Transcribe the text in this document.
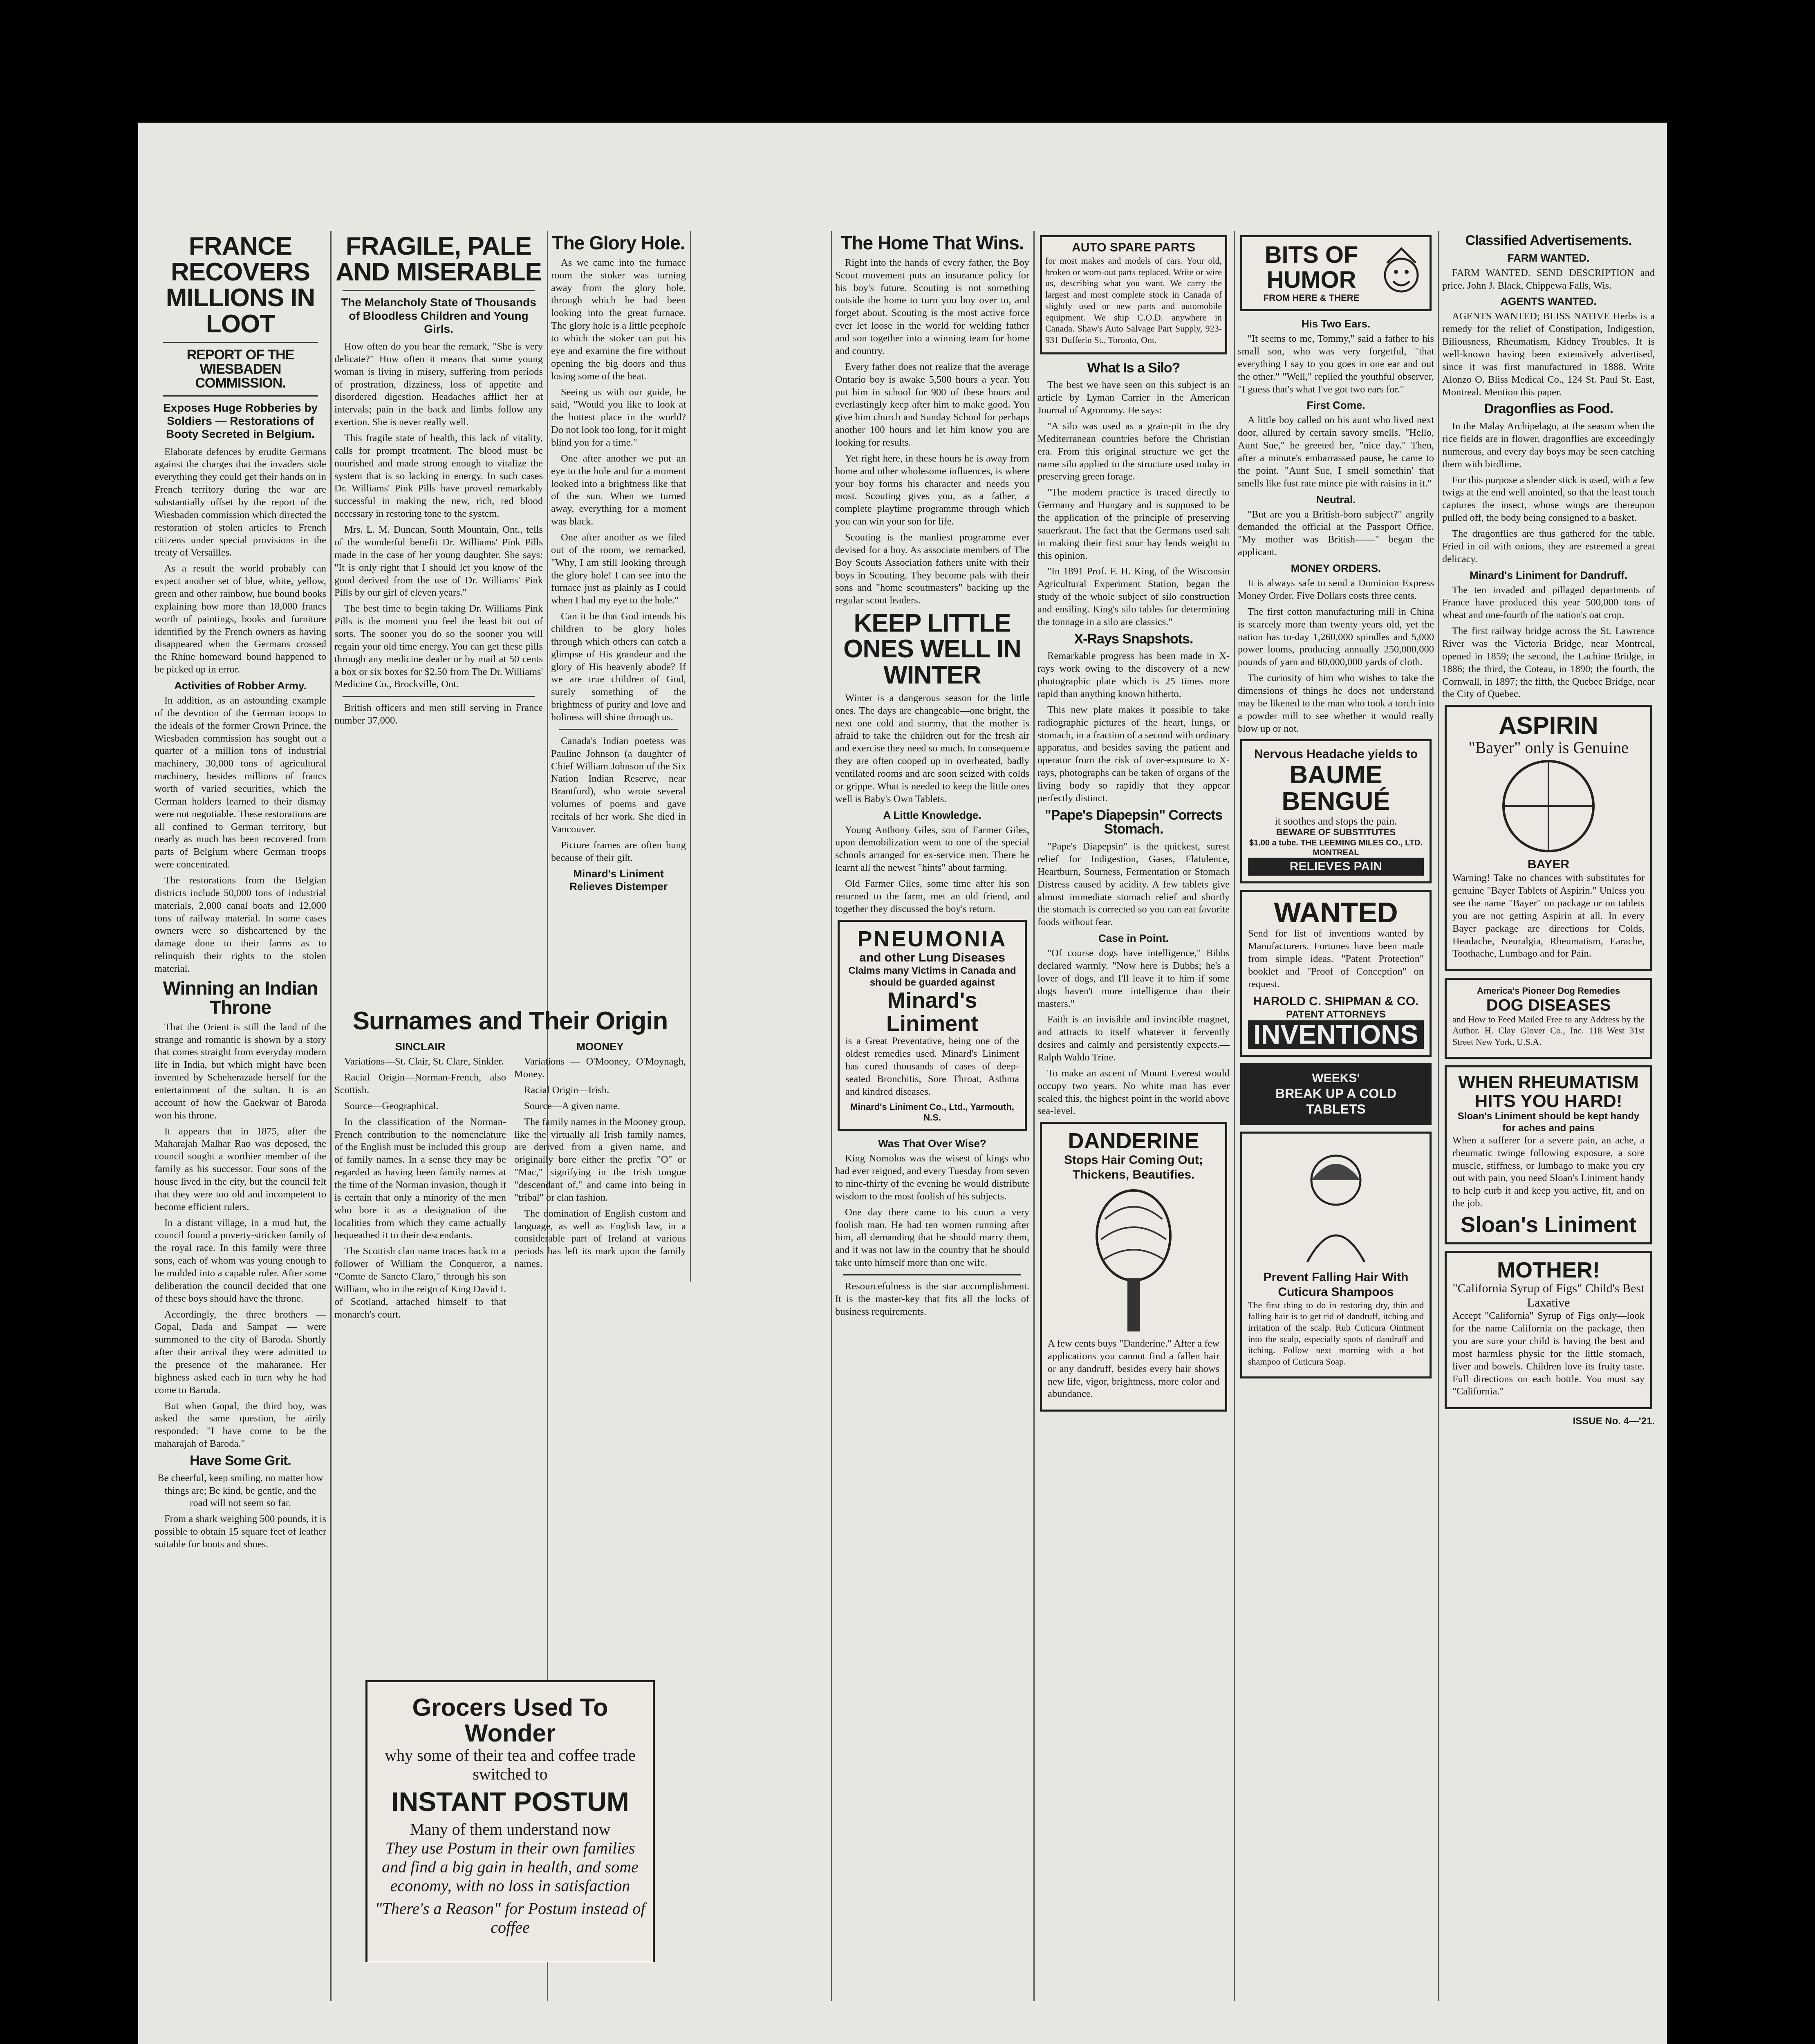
FRANCE RECOVERS MILLIONS IN LOOT
REPORT OF THE WIESBADEN COMMISSION.
Exposes Huge Robberies by Soldiers — Restorations of Booty Secreted in Belgium.

Elaborate defences by erudite Germans against the charges that the invaders stole everything they could get their hands on in French territory during the war are substantially offset by the report of the Wiesbaden commission which directed the restoration of stolen articles to French citizens under special provisions in the treaty of Versailles.

As a result the world probably can expect another set of blue, white, yellow, green and other rainbow, hue bound books explaining how more than 18,000 francs worth of paintings, books and furniture identified by the French owners as having disappeared when the Germans crossed the Rhine homeward bound happened to be picked up in error.

Activities of Robber Army.

In addition, as an astounding example of the devotion of the German troops to the ideals of the former Crown Prince, the Wiesbaden commission has sought out a quarter of a million tons of industrial machinery, 30,000 tons of agricultural machinery, besides millions of francs worth of varied securities, which the German holders learned to their dismay were not negotiable. These restorations are all confined to German territory, but nearly as much has been recovered from parts of Belgium where German troops were concentrated.

The restorations from the Belgian districts include 50,000 tons of industrial materials, 2,000 canal boats and 12,000 tons of railway material. In some cases owners were so disheartened by the damage done to their farms as to relinquish their rights to the stolen material.

Winning an Indian Throne

That the Orient is still the land of the strange and romantic is shown by a story that comes straight from everyday modern life in India, but which might have been invented by Scheherazade herself for the entertainment of the sultan. It is an account of how the Gaekwar of Baroda won his throne.

It appears that in 1875, after the Maharajah Malhar Rao was deposed, the council sought a worthier member of the family as his successor. Four sons of the house lived in the city, but the council felt that they were too old and incompetent to become efficient rulers.

In a distant village, in a mud hut, the council found a poverty-stricken family of the royal race. In this family were three sons, each of whom was young enough to be molded into a capable ruler. After some deliberation the council decided that one of these boys should have the throne.

Accordingly, the three brothers — Gopal, Dada and Sampat — were summoned to the city of Baroda. Shortly after their arrival they were admitted to the presence of the maharanee. Her highness asked each in turn why he had come to Baroda.

But when Gopal, the third boy, was asked the same question, he airily responded: "I have come to be the maharajah of Baroda."

Have Some Grit.

Be cheerful, keep smiling, no matter how things are; Be kind, be gentle, and the road will not seem so far.

From a shark weighing 500 pounds, it is possible to obtain 15 square feet of leather suitable for boots and shoes.

FRAGILE, PALE AND MISERABLE
The Melancholy State of Thousands of Bloodless Children and Young Girls.

How often do you hear the remark, "She is very delicate?" How often it means that some young woman is living in misery, suffering from periods of prostration, dizziness, loss of appetite and disordered digestion. Headaches afflict her at intervals; pain in the back and limbs follow any exertion. She is never really well.

This fragile state of health, this lack of vitality, calls for prompt treatment. The blood must be nourished and made strong enough to vitalize the system that is so lacking in energy. In such cases Dr. Williams' Pink Pills have proved remarkably successful in making the new, rich, red blood necessary in restoring tone to the system.

Mrs. L. M. Duncan, South Mountain, Ont., tells of the wonderful benefit Dr. Williams' Pink Pills made in the case of her young daughter. She says: "It is only right that I should let you know of the good derived from the use of Dr. Williams' Pink Pills by our girl of eleven years."

The best time to begin taking Dr. Williams Pink Pills is the moment you feel the least bit out of sorts. The sooner you do so the sooner you will regain your old time energy. You can get these pills through any medicine dealer or by mail at 50 cents a box or six boxes for $2.50 from The Dr. Williams' Medicine Co., Brockville, Ont.

British officers and men still serving in France number 37,000.

The Glory Hole.

As we came into the furnace room the stoker was turning away from the glory hole, through which he had been looking into the great furnace. The glory hole is a little peephole to which the stoker can put his eye and examine the fire without opening the big doors and thus losing some of the heat.

Seeing us with our guide, he said, "Would you like to look at the hottest place in the world? Do not look too long, for it might blind you for a time."

One after another we put an eye to the hole and for a moment looked into a brightness like that of the sun. When we turned away, everything for a moment was black.

One after another as we filed out of the room, we remarked, "Why, I am still looking through the glory hole! I can see into the furnace just as plainly as I could when I had my eye to the hole."

Can it be that God intends his children to be glory holes through which others can catch a glimpse of His grandeur and the glory of His heavenly abode? If we are true children of God, surely something of the brightness of purity and love and holiness will shine through us.

Canada's Indian poetess was Pauline Johnson (a daughter of Chief William Johnson of the Six Nation Indian Reserve, near Brantford), who wrote several volumes of poems and gave recitals of her work. She died in Vancouver.

Picture frames are often hung because of their gilt.

Minard's Liniment Relieves Distemper
Surnames and Their Origin
SINCLAIR

Variations—St. Clair, St. Clare, Sinkler.

Racial Origin—Norman-French, also Scottish.

Source—Geographical.

In the classification of the Norman-French contribution to the nomenclature of the English must be included this group of family names. In a sense they may be regarded as having been family names at the time of the Norman invasion, though it is certain that only a minority of the men who bore it as a designation of the localities from which they came actually bequeathed it to their descendants.

The Scottish clan name traces back to a follower of William the Conqueror, a "Comte de Sancto Claro," through his son William, who in the reign of King David I. of Scotland, attached himself to that monarch's court.

MOONEY

Variations — O'Mooney, O'Moynagh, Money.

Racial Origin—Irish.

Source—A given name.

The family names in the Mooney group, like the virtually all Irish family names, are derived from a given name, and originally bore either the prefix "O" or "Mac," signifying in the Irish tongue "descendant of," and came into being in "tribal" or clan fashion.

The domination of English custom and language, as well as English law, in a considerable part of Ireland at various periods has left its mark upon the family names.

Grocers Used To Wonder
why some of their tea and coffee trade switched to
INSTANT POSTUM
Many of them understand now
They use Postum in their own families and find a big gain in health, and some economy, with no loss in satisfaction
"There's a Reason" for Postum instead of coffee
The Home That Wins.

Right into the hands of every father, the Boy Scout movement puts an insurance policy for his boy's future. Scouting is not something outside the home to turn you boy over to, and forget about. Scouting is the most active force ever let loose in the world for welding father and son together into a winning team for home and country.

Every father does not realize that the average Ontario boy is awake 5,500 hours a year. You put him in school for 900 of these hours and everlastingly keep after him to make good. You give him church and Sunday School for perhaps another 100 hours and let him know you are looking for results.

Yet right here, in these hours he is away from home and other wholesome influences, is where your boy forms his character and needs you most. Scouting gives you, as a father, a complete playtime programme through which you can win your son for life.

Scouting is the manliest programme ever devised for a boy. As associate members of The Boy Scouts Association fathers unite with their boys in Scouting. They become pals with their sons and "home scoutmasters" backing up the regular scout leaders.

KEEP LITTLE ONES WELL IN WINTER

Winter is a dangerous season for the little ones. The days are changeable—one bright, the next one cold and stormy, that the mother is afraid to take the children out for the fresh air and exercise they need so much. In consequence they are often cooped up in overheated, badly ventilated rooms and are soon seized with colds or grippe. What is needed to keep the little ones well is Baby's Own Tablets.

A Little Knowledge.

Young Anthony Giles, son of Farmer Giles, upon demobilization went to one of the special schools arranged for ex-service men. There he learnt all the newest "hints" about farming.

Old Farmer Giles, some time after his son returned to the farm, met an old friend, and together they discussed the boy's return.

PNEUMONIA
and other Lung Diseases
Claims many Victims in Canada and should be guarded against
Minard's Liniment

is a Great Preventative, being one of the oldest remedies used. Minard's Liniment has cured thousands of cases of deep-seated Bronchitis, Sore Throat, Asthma and kindred diseases.

Minard's Liniment Co., Ltd., Yarmouth, N.S.
Was That Over Wise?

King Nomolos was the wisest of kings who had ever reigned, and every Tuesday from seven to nine-thirty of the evening he would distribute wisdom to the most foolish of his subjects.

One day there came to his court a very foolish man. He had ten women running after him, all demanding that he should marry them, and it was not law in the country that he should take unto himself more than one wife.

Resourcefulness is the star accomplishment. It is the master-key that fits all the locks of business requirements.

AUTO SPARE PARTS

for most makes and models of cars. Your old, broken or worn-out parts replaced. Write or wire us, describing what you want. We carry the largest and most complete stock in Canada of slightly used or new parts and automobile equipment. We ship C.O.D. anywhere in Canada. Shaw's Auto Salvage Part Supply, 923-931 Dufferin St., Toronto, Ont.

What Is a Silo?

The best we have seen on this subject is an article by Lyman Carrier in the American Journal of Agronomy. He says:

"A silo was used as a grain-pit in the dry Mediterranean countries before the Christian era. From this original structure we get the name silo applied to the structure used today in preserving green forage.

"The modern practice is traced directly to Germany and Hungary and is supposed to be the application of the principle of preserving sauerkraut. The fact that the Germans used salt in making their first sour hay lends weight to this opinion.

"In 1891 Prof. F. H. King, of the Wisconsin Agricultural Experiment Station, began the study of the whole subject of silo construction and ensiling. King's silo tables for determining the tonnage in a silo are classics."

X-Rays Snapshots.

Remarkable progress has been made in X-rays work owing to the discovery of a new photographic plate which is 25 times more rapid than anything known hitherto.

This new plate makes it possible to take radiographic pictures of the heart, lungs, or stomach, in a fraction of a second with ordinary apparatus, and besides saving the patient and operator from the risk of over-exposure to X-rays, photographs can be taken of organs of the living body so rapidly that they appear perfectly distinct.

"Pape's Diapepsin" Corrects Stomach.

"Pape's Diapepsin" is the quickest, surest relief for Indigestion, Gases, Flatulence, Heartburn, Sourness, Fermentation or Stomach Distress caused by acidity. A few tablets give almost immediate stomach relief and shortly the stomach is corrected so you can eat favorite foods without fear.

Case in Point.

"Of course dogs have intelligence," Bibbs declared warmly. "Now here is Dubbs; he's a lover of dogs, and I'll leave it to him if some dogs haven't more intelligence than their masters."

Faith is an invisible and invincible magnet, and attracts to itself whatever it fervently desires and calmly and persistently expects.—Ralph Waldo Trine.

To make an ascent of Mount Everest would occupy two years. No white man has ever scaled this, the highest point in the world above sea-level.

DANDERINE
Stops Hair Coming Out; Thickens, Beautifies.

A few cents buys "Danderine." After a few applications you cannot find a fallen hair or any dandruff, besides every hair shows new life, vigor, brightness, more color and abundance.

BITS OF HUMOR
FROM HERE & THERE
His Two Ears.

"It seems to me, Tommy," said a father to his small son, who was very forgetful, "that everything I say to you goes in one ear and out the other." "Well," replied the youthful observer, "I guess that's what I've got two ears for."

First Come.

A little boy called on his aunt who lived next door, allured by certain savory smells. "Hello, Aunt Sue," he greeted her, "nice day." Then, after a minute's embarrassed pause, he came to the point. "Aunt Sue, I smell somethin' that smells like fust rate mince pie with raisins in it."

Neutral.

"But are you a British-born subject?" angrily demanded the official at the Passport Office. "My mother was British——" began the applicant.

MONEY ORDERS.

It is always safe to send a Dominion Express Money Order. Five Dollars costs three cents.

The first cotton manufacturing mill in China is scarcely more than twenty years old, yet the nation has to-day 1,260,000 spindles and 5,000 power looms, producing annually 250,000,000 pounds of yarn and 60,000,000 yards of cloth.

The curiosity of him who wishes to take the dimensions of things he does not understand may be likened to the man who took a torch into a powder mill to see whether it would really blow up or not.

Nervous Headache yields to
BAUME BENGUÉ
it soothes and stops the pain.
BEWARE OF SUBSTITUTES
$1.00 a tube. THE LEEMING MILES CO., LTD. MONTREAL
RELIEVES PAIN
WANTED

Send for list of inventions wanted by Manufacturers. Fortunes have been made from simple ideas. "Patent Protection" booklet and "Proof of Conception" on request.

HAROLD C. SHIPMAN & CO.
PATENT ATTORNEYS
INVENTIONS
WEEKS'
BREAK UP A COLD TABLETS
Prevent Falling Hair With Cuticura Shampoos

The first thing to do in restoring dry, thin and falling hair is to get rid of dandruff, itching and irritation of the scalp. Rub Cuticura Ointment into the scalp, especially spots of dandruff and itching. Follow next morning with a hot shampoo of Cuticura Soap.

Classified Advertisements.
FARM WANTED.

FARM WANTED. SEND DESCRIPTION and price. John J. Black, Chippewa Falls, Wis.

AGENTS WANTED.

AGENTS WANTED; BLISS NATIVE Herbs is a remedy for the relief of Constipation, Indigestion, Biliousness, Rheumatism, Kidney Troubles. It is well-known having been extensively advertised, since it was first manufactured in 1888. Write Alonzo O. Bliss Medical Co., 124 St. Paul St. East, Montreal. Mention this paper.

Dragonflies as Food.

In the Malay Archipelago, at the season when the rice fields are in flower, dragonflies are exceedingly numerous, and every day boys may be seen catching them with birdlime.

For this purpose a slender stick is used, with a few twigs at the end well anointed, so that the least touch captures the insect, whose wings are thereupon pulled off, the body being consigned to a basket.

The dragonflies are thus gathered for the table. Fried in oil with onions, they are esteemed a great delicacy.

Minard's Liniment for Dandruff.

The ten invaded and pillaged departments of France have produced this year 500,000 tons of wheat and one-fourth of the nation's oat crop.

The first railway bridge across the St. Lawrence River was the Victoria Bridge, near Montreal, opened in 1859; the second, the Lachine Bridge, in 1886; the third, the Coteau, in 1890; the fourth, the Cornwall, in 1897; the fifth, the Quebec Bridge, near the City of Quebec.

ASPIRIN
"Bayer" only is Genuine
BAYER

Warning! Take no chances with substitutes for genuine "Bayer Tablets of Aspirin." Unless you see the name "Bayer" on package or on tablets you are not getting Aspirin at all. In every Bayer package are directions for Colds, Headache, Neuralgia, Rheumatism, Earache, Toothache, Lumbago and for Pain.

America's Pioneer Dog Remedies
DOG DISEASES

and How to Feed Mailed Free to any Address by the Author. H. Clay Glover Co., Inc. 118 West 31st Street New York, U.S.A.

WHEN RHEUMATISM HITS YOU HARD!
Sloan's Liniment should be kept handy for aches and pains

When a sufferer for a severe pain, an ache, a rheumatic twinge following exposure, a sore muscle, stiffness, or lumbago to make you cry out with pain, you need Sloan's Liniment handy to help curb it and keep you active, fit, and on the job.

Sloan's Liniment
MOTHER!
"California Syrup of Figs" Child's Best Laxative

Accept "California" Syrup of Figs only—look for the name California on the package, then you are sure your child is having the best and most harmless physic for the little stomach, liver and bowels. Children love its fruity taste. Full directions on each bottle. You must say "California."

ISSUE No. 4—'21.
